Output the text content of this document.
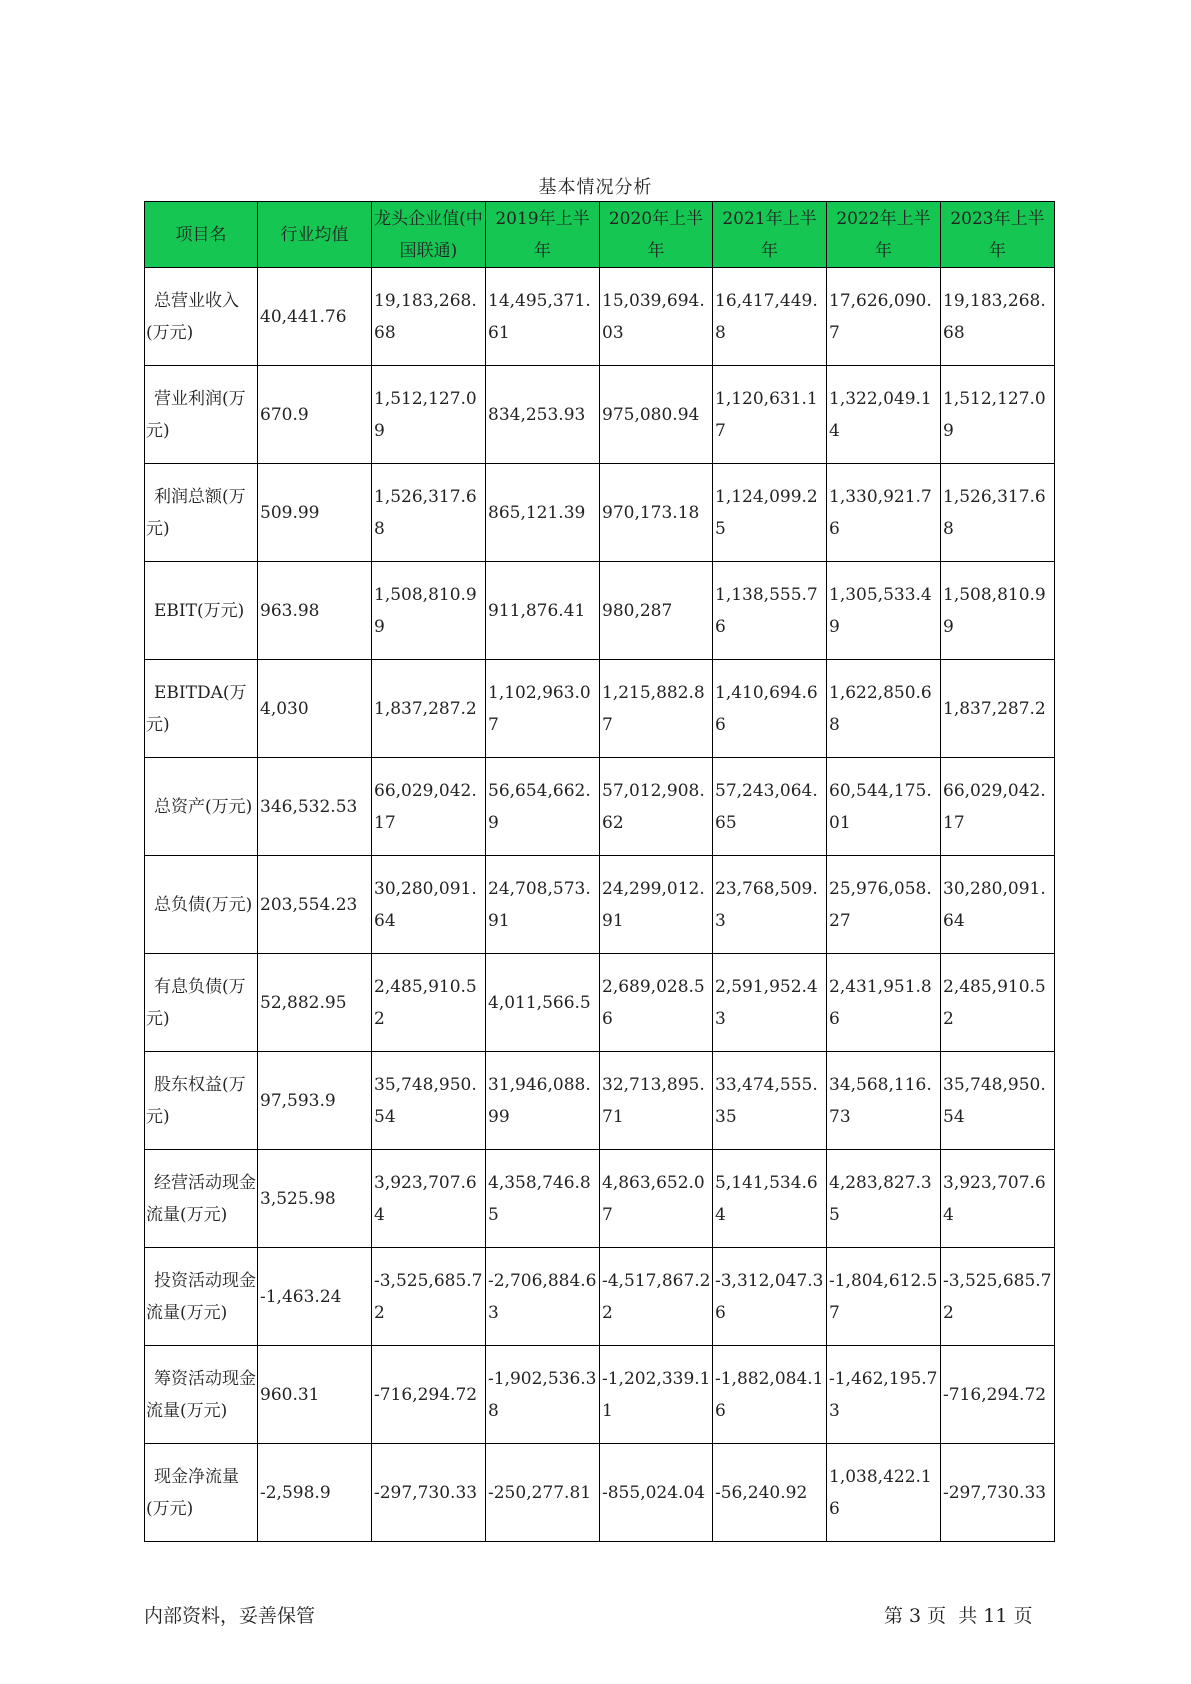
基本情况分析
项目名	行业均值	龙头企业值(中国联通)	2019年上半年	2020年上半年	2021年上半年	2022年上半年	2023年上半年
总营业收入(万元)	40,441.76	19,183,268.68	14,495,371.61	15,039,694.03	16,417,449.8	17,626,090.7	19,183,268.68
营业利润(万元)	670.9	1,512,127.09	834,253.93	975,080.94	1,120,631.17	1,322,049.14	1,512,127.09
利润总额(万元)	509.99	1,526,317.68	865,121.39	970,173.18	1,124,099.25	1,330,921.76	1,526,317.68
EBIT(万元)	963.98	1,508,810.99	911,876.41	980,287	1,138,555.76	1,305,533.49	1,508,810.99
EBITDA(万元)	4,030	1,837,287.2	1,102,963.07	1,215,882.87	1,410,694.66	1,622,850.68	1,837,287.2
总资产(万元)	346,532.53	66,029,042.17	56,654,662.9	57,012,908.62	57,243,064.65	60,544,175.01	66,029,042.17
总负债(万元)	203,554.23	30,280,091.64	24,708,573.91	24,299,012.91	23,768,509.3	25,976,058.27	30,280,091.64
有息负债(万元)	52,882.95	2,485,910.52	4,011,566.5	2,689,028.56	2,591,952.43	2,431,951.86	2,485,910.52
股东权益(万元)	97,593.9	35,748,950.54	31,946,088.99	32,713,895.71	33,474,555.35	34,568,116.73	35,748,950.54
经营活动现金流量(万元)	3,525.98	3,923,707.64	4,358,746.85	4,863,652.07	5,141,534.64	4,283,827.35	3,923,707.64
投资活动现金流量(万元)	-1,463.24	-3,525,685.72	-2,706,884.63	-4,517,867.22	-3,312,047.36	-1,804,612.57	-3,525,685.72
筹资活动现金流量(万元)	960.31	-716,294.72	-1,902,536.38	-1,202,339.11	-1,882,084.16	-1,462,195.73	-716,294.72
现金净流量(万元)	-2,598.9	-297,730.33	-250,277.81	-855,024.04	-56,240.92	1,038,422.16	-297,730.33
内部资料，妥善保管	第 3 页  共 11 页
